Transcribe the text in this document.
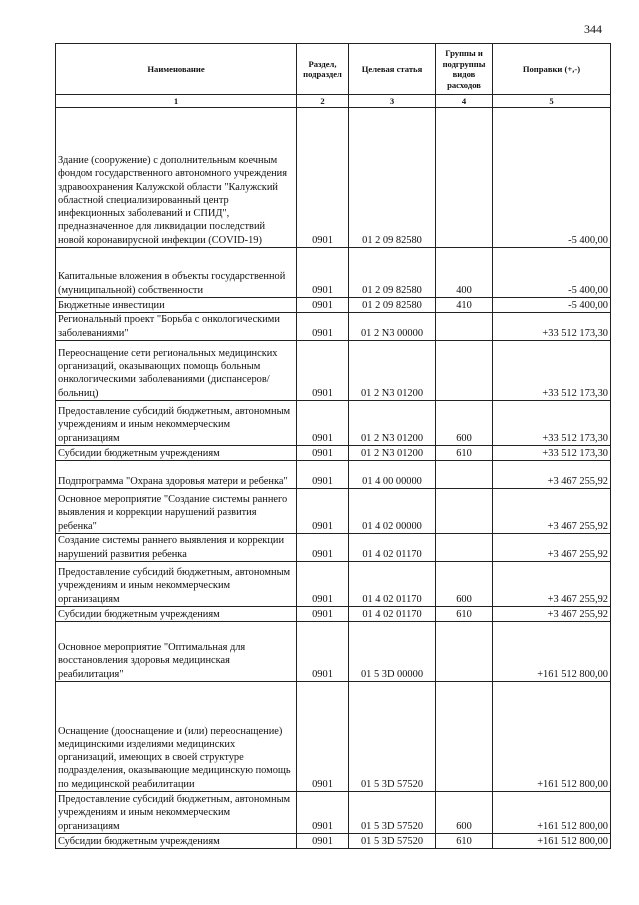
344
Наименование	Раздел, подраздел	Целевая статья	Группы и подгруппы видов расходов	Поправки (+,-)
1	2	3	4	5
Здание (сооружение) с дополнительным коечным фондом государственного автономного учреждения здравоохранения Калужской области "Калужский областной специализированный центр инфекционных заболеваний и СПИД", предназначенное для ликвидации последствий новой коронавирусной инфекции (COVID-19)	0901	01 2 09 82580		-5 400,00
Капитальные вложения в объекты государственной (муниципальной) собственности	0901	01 2 09 82580	400	-5 400,00
Бюджетные инвестиции	0901	01 2 09 82580	410	-5 400,00
Региональный проект "Борьба с онкологическими заболеваниями"	0901	01 2 N3 00000		+33 512 173,30
Переоснащение сети региональных медицинских организаций, оказывающих помощь больным онкологическими заболеваниями (диспансеров/больниц)	0901	01 2 N3 01200		+33 512 173,30
Предоставление субсидий бюджетным, автономным учреждениям и иным некоммерческим организациям	0901	01 2 N3 01200	600	+33 512 173,30
Субсидии бюджетным учреждениям	0901	01 2 N3 01200	610	+33 512 173,30
Подпрограмма "Охрана здоровья матери и ребенка"	0901	01 4 00 00000		+3 467 255,92
Основное мероприятие "Создание системы раннего выявления и коррекции нарушений развития ребенка"	0901	01 4 02 00000		+3 467 255,92
Создание системы раннего выявления и коррекции нарушений развития ребенка	0901	01 4 02 01170		+3 467 255,92
Предоставление субсидий бюджетным, автономным учреждениям и иным некоммерческим организациям	0901	01 4 02 01170	600	+3 467 255,92
Субсидии бюджетным учреждениям	0901	01 4 02 01170	610	+3 467 255,92
Основное мероприятие "Оптимальная для восстановления здоровья медицинская реабилитация"	0901	01 5 3D 00000		+161 512 800,00
Оснащение (дооснащение и (или) переоснащение) медицинскими изделиями медицинских организаций, имеющих в своей структуре подразделения, оказывающие медицинскую помощь по медицинской реабилитации	0901	01 5 3D 57520		+161 512 800,00
Предоставление субсидий бюджетным, автономным учреждениям и иным некоммерческим организациям	0901	01 5 3D 57520	600	+161 512 800,00
Субсидии бюджетным учреждениям	0901	01 5 3D 57520	610	+161 512 800,00
